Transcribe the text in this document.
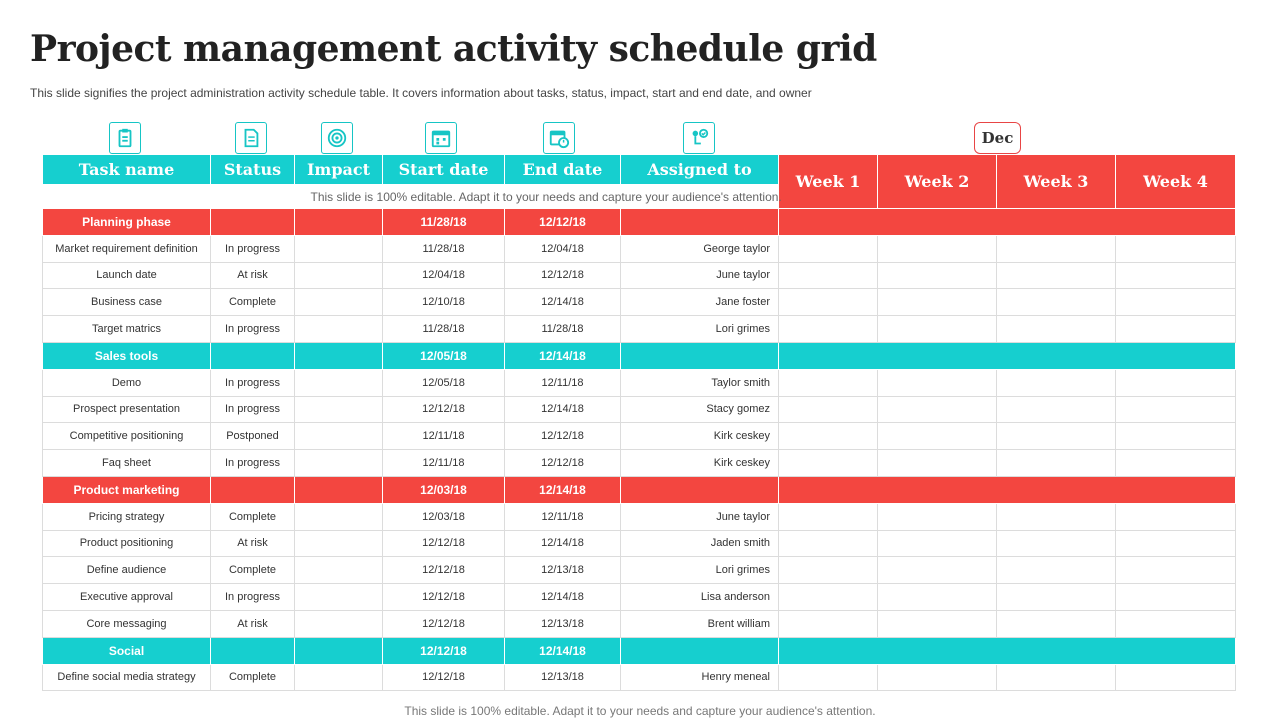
Project management activity schedule grid
This slide signifies the project administration activity schedule table. It covers information about tasks, status, impact, start and end date, and owner
Dec
Task name	Status	Impact	Start date	End date	Assigned to	Week 1	Week 2	Week 3	Week 4
This slide is 100% editable. Adapt it to your needs and capture your audience's attention.									
Planning phase			11/28/18	12/12/18					
Market requirement definition	In progress		11/28/18	12/04/18	George taylor				
Launch date	At risk		12/04/18	12/12/18	June taylor				
Business case	Complete		12/10/18	12/14/18	Jane foster				
Target matrics	In progress		11/28/18	11/28/18	Lori grimes				
Sales tools			12/05/18	12/14/18					
Demo	In progress		12/05/18	12/11/18	Taylor smith				
Prospect presentation	In progress		12/12/18	12/14/18	Stacy gomez				
Competitive positioning	Postponed		12/11/18	12/12/18	Kirk ceskey				
Faq sheet	In progress		12/11/18	12/12/18	Kirk ceskey				
Product marketing			12/03/18	12/14/18					
Pricing strategy	Complete		12/03/18	12/11/18	June taylor				
Product positioning	At risk		12/12/18	12/14/18	Jaden smith				
Define audience	Complete		12/12/18	12/13/18	Lori grimes				
Executive approval	In progress		12/12/18	12/14/18	Lisa anderson				
Core messaging	At risk		12/12/18	12/13/18	Brent william				
Social			12/12/18	12/14/18					
Define social media strategy	Complete		12/12/18	12/13/18	Henry meneal				
This slide is 100% editable. Adapt it to your needs and capture your audience's attention.
